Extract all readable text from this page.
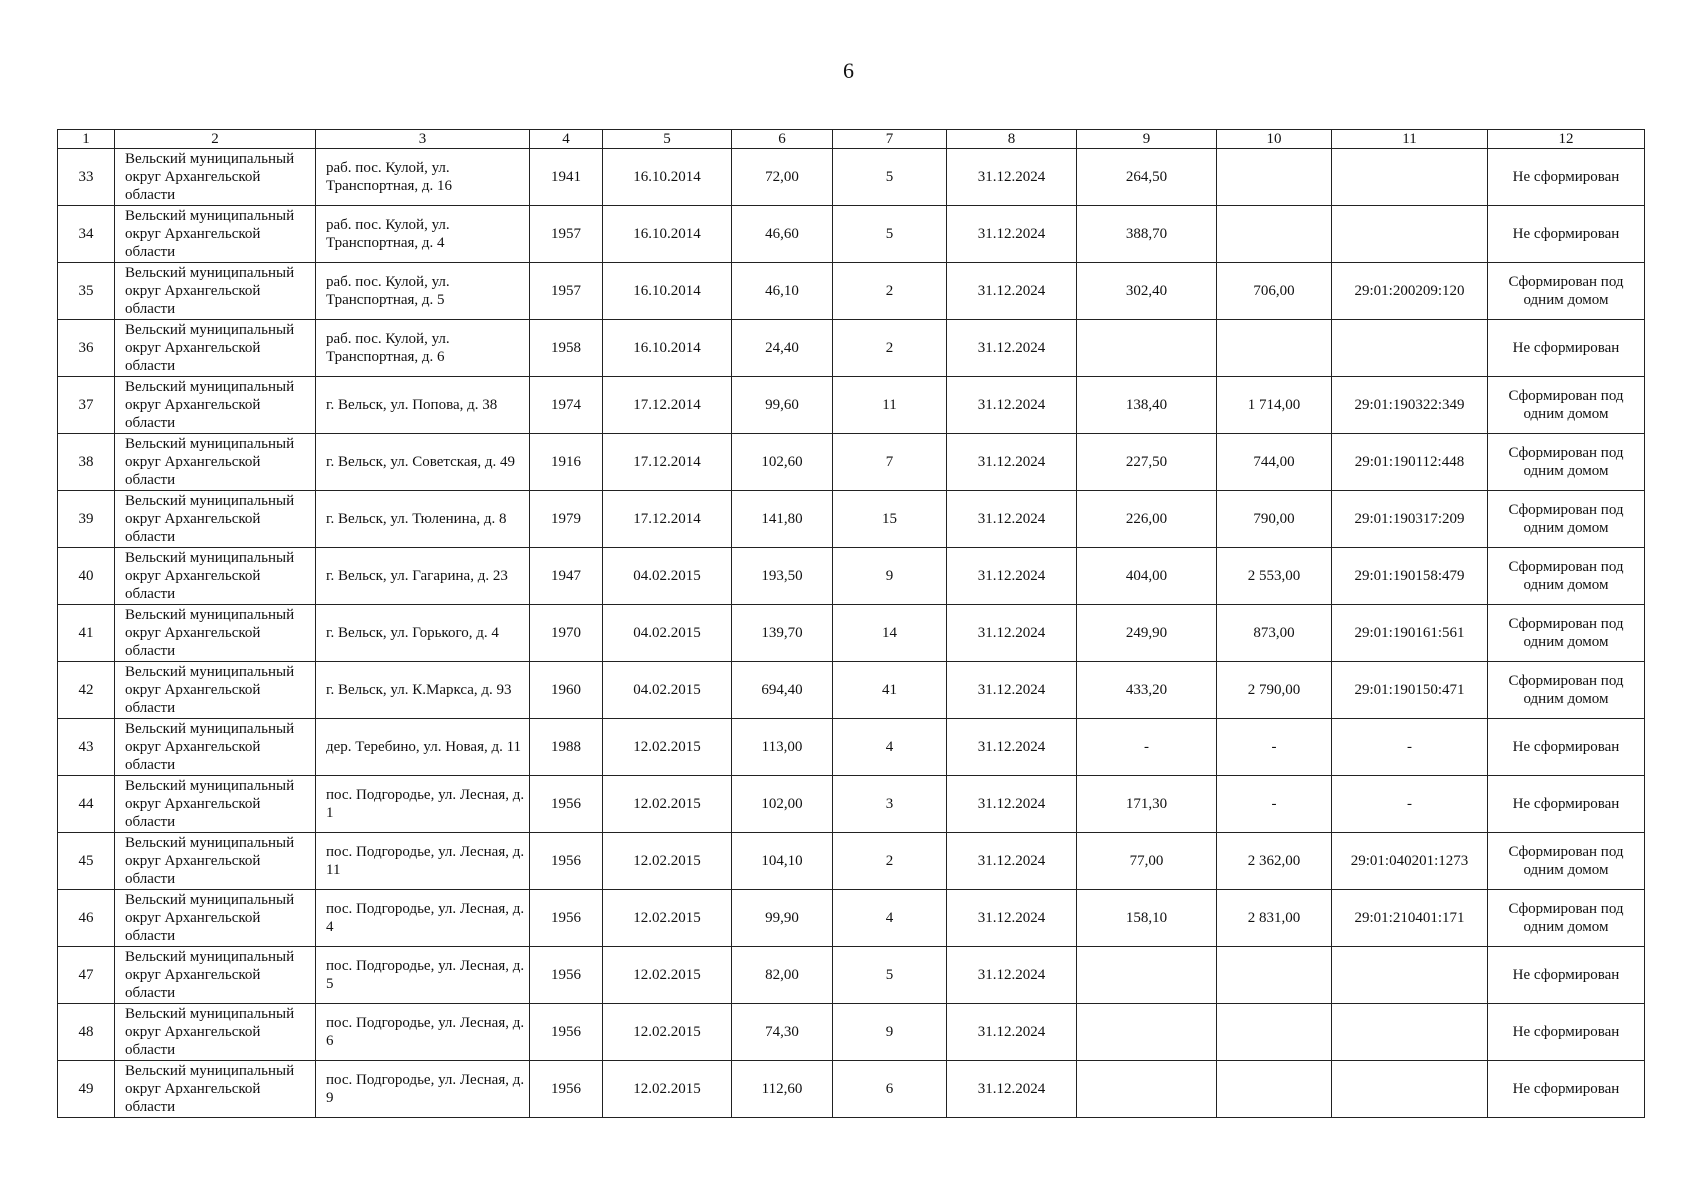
6
1	2	3	4	5	6	7	8	9	10	11	12
33	Вельский муниципальный округ Архангельской области	раб. пос. Кулой, ул. Транспортная, д. 16	1941	16.10.2014	72,00	5	31.12.2024	264,50			Не сформирован
34	Вельский муниципальный округ Архангельской области	раб. пос. Кулой, ул. Транспортная, д. 4	1957	16.10.2014	46,60	5	31.12.2024	388,70			Не сформирован
35	Вельский муниципальный округ Архангельской области	раб. пос. Кулой, ул. Транспортная, д. 5	1957	16.10.2014	46,10	2	31.12.2024	302,40	706,00	29:01:200209:120	Сформирован под одним домом
36	Вельский муниципальный округ Архангельской области	раб. пос. Кулой, ул. Транспортная, д. 6	1958	16.10.2014	24,40	2	31.12.2024				Не сформирован
37	Вельский муниципальный округ Архангельской области	г. Вельск, ул. Попова, д. 38	1974	17.12.2014	99,60	11	31.12.2024	138,40	1 714,00	29:01:190322:349	Сформирован под одним домом
38	Вельский муниципальный округ Архангельской области	г. Вельск, ул. Советская, д. 49	1916	17.12.2014	102,60	7	31.12.2024	227,50	744,00	29:01:190112:448	Сформирован под одним домом
39	Вельский муниципальный округ Архангельской области	г. Вельск, ул. Тюленина, д. 8	1979	17.12.2014	141,80	15	31.12.2024	226,00	790,00	29:01:190317:209	Сформирован под одним домом
40	Вельский муниципальный округ Архангельской области	г. Вельск, ул. Гагарина, д. 23	1947	04.02.2015	193,50	9	31.12.2024	404,00	2 553,00	29:01:190158:479	Сформирован под одним домом
41	Вельский муниципальный округ Архангельской области	г. Вельск, ул. Горького, д. 4	1970	04.02.2015	139,70	14	31.12.2024	249,90	873,00	29:01:190161:561	Сформирован под одним домом
42	Вельский муниципальный округ Архангельской области	г. Вельск, ул. К.Маркса, д. 93	1960	04.02.2015	694,40	41	31.12.2024	433,20	2 790,00	29:01:190150:471	Сформирован под одним домом
43	Вельский муниципальный округ Архангельской области	дер. Теребино, ул. Новая, д. 11	1988	12.02.2015	113,00	4	31.12.2024	-	-	-	Не сформирован
44	Вельский муниципальный округ Архангельской области	пос. Подгородье, ул. Лесная, д. 1	1956	12.02.2015	102,00	3	31.12.2024	171,30	-	-	Не сформирован
45	Вельский муниципальный округ Архангельской области	пос. Подгородье, ул. Лесная, д. 11	1956	12.02.2015	104,10	2	31.12.2024	77,00	2 362,00	29:01:040201:1273	Сформирован под одним домом
46	Вельский муниципальный округ Архангельской области	пос. Подгородье, ул. Лесная, д. 4	1956	12.02.2015	99,90	4	31.12.2024	158,10	2 831,00	29:01:210401:171	Сформирован под одним домом
47	Вельский муниципальный округ Архангельской области	пос. Подгородье, ул. Лесная, д. 5	1956	12.02.2015	82,00	5	31.12.2024				Не сформирован
48	Вельский муниципальный округ Архангельской области	пос. Подгородье, ул. Лесная, д. 6	1956	12.02.2015	74,30	9	31.12.2024				Не сформирован
49	Вельский муниципальный округ Архангельской области	пос. Подгородье, ул. Лесная, д. 9	1956	12.02.2015	112,60	6	31.12.2024				Не сформирован
